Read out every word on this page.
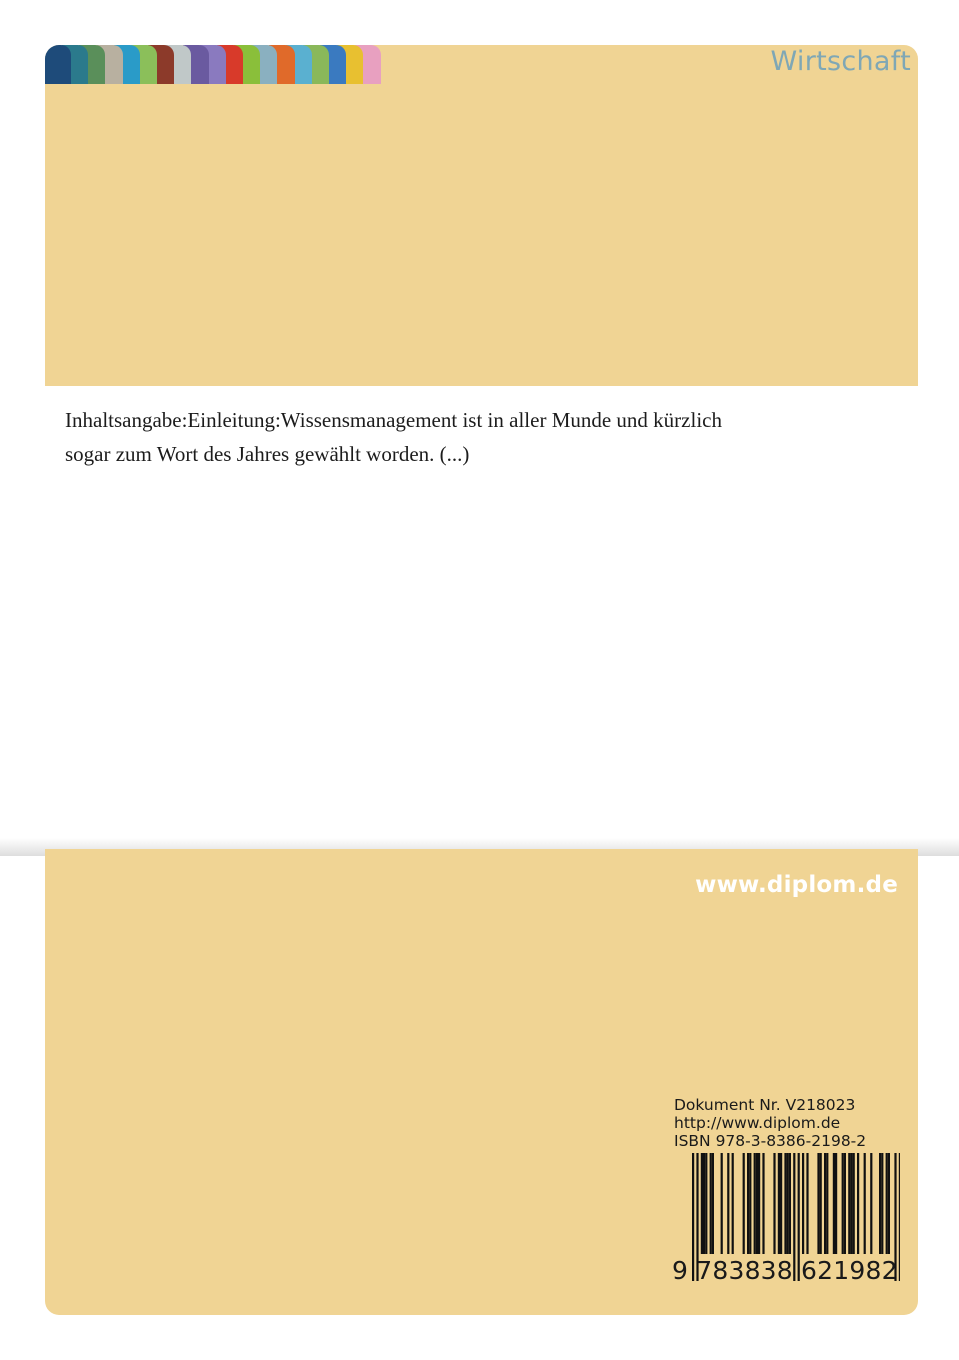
Wirtschaft
Inhaltsangabe:Einleitung:Wissensmanagement ist in aller Munde und kürzlich
sogar zum Wort des Jahres gewählt worden. (...)
www.diplom.de
Dokument Nr. V218023
http://www.diplom.de
ISBN 978-3-8386-2198-2
9 783838 621982
